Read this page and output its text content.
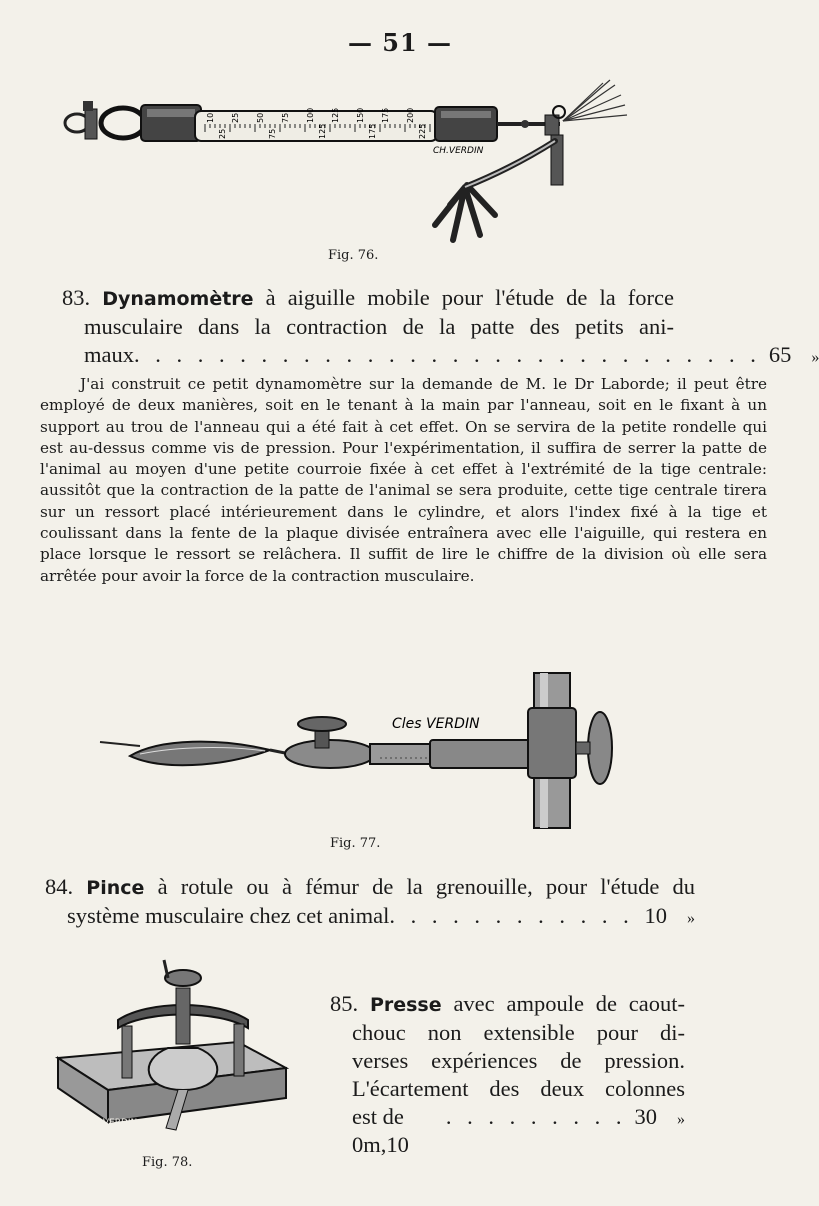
— 51 —
10 25 50 75 100 125 150 175 200
25	75	125	175	225
CH.VERDIN
Fig. 76.
83. Dynamomètre à aiguille mobile pour l'étude de la force
musculaire dans la contraction de la patte des petits ani-
maux . . . . . . . . . . . . . . . . . . . . . . . . . . . . . . 65	»
J'ai construit ce petit dynamomètre sur la demande de M. le Dr Laborde; il peut être employé de deux manières, soit en le tenant à la main par l'anneau, soit en le fixant à un support au trou de l'anneau qui a été fait à cet effet. On se servira de la petite rondelle qui est au-dessus comme vis de pression. Pour l'expérimentation, il suffira de serrer la patte de l'animal au moyen d'une petite courroie fixée à cet effet à l'extrémité de la tige centrale: aussitôt que la contraction de la patte de l'animal se sera produite, cette tige centrale tirera sur un ressort placé intérieurement dans le cylindre, et alors l'index fixé à la tige et coulissant dans la fente de la plaque divisée entraînera avec elle l'aiguille, qui restera en place lorsque le ressort se relâchera. Il suffit de lire le chiffre de la division où elle sera arrêtée pour avoir la force de la contraction musculaire.
Cles VERDIN
Fig. 77.
84. Pince à rotule ou à fémur de la grenouille, pour l'étude du
système musculaire chez cet animal . . . . . . . . . . . . 10	»
Ch VERDIN
Fig. 78.
85. Presse avec ampoule de caout-
chouc non extensible pour di-
verses expériences de pression.
L'écartement des deux colonnes
est de 0m,10
. . . . . . . . . 30	»
